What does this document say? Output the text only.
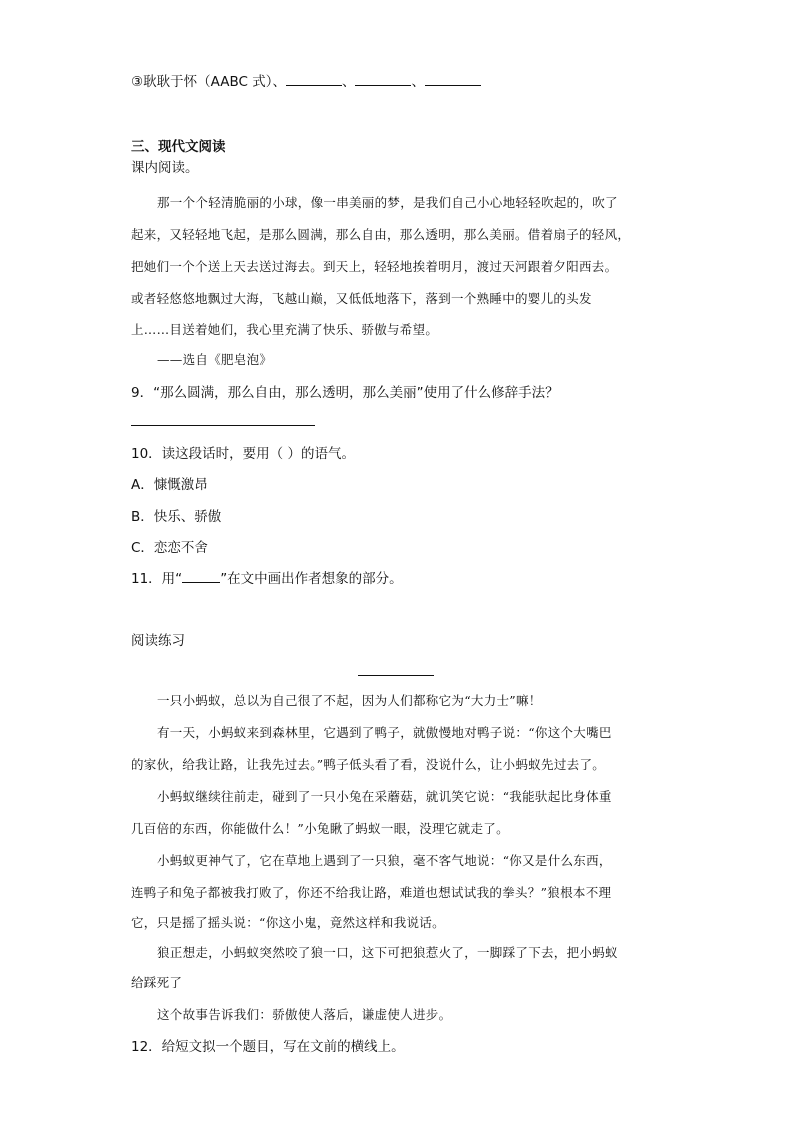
③耿耿于怀（AABC 式）、	、	、
三、现代文阅读
课内阅读。
那一个个轻清脆丽的小球，像一串美丽的梦，是我们自己小心地轻轻吹起的，吹了
起来，又轻轻地飞起，是那么圆满，那么自由，那么透明，那么美丽。借着扇子的轻风，
把她们一个个送上天去送过海去。到天上，轻轻地挨着明月，渡过天河跟着夕阳西去。
或者轻悠悠地飘过大海，飞越山巅，又低低地落下，落到一个熟睡中的婴儿的头发
上……目送着她们，我心里充满了快乐、骄傲与希望。
——选自《肥皂泡》
9．“那么圆满，那么自由，那么透明，那么美丽”使用了什么修辞手法？
10．读这段话时，要用（ ）的语气。
A．慷慨激昂
B．快乐、骄傲
C．恋恋不舍
11．用“	”在文中画出作者想象的部分。
阅读练习
一只小蚂蚁，总以为自己很了不起，因为人们都称它为“大力士”嘛！
有一天，小蚂蚁来到森林里，它遇到了鸭子，就傲慢地对鸭子说：“你这个大嘴巴
的家伙，给我让路，让我先过去。”鸭子低头看了看，没说什么，让小蚂蚁先过去了。
小蚂蚁继续往前走，碰到了一只小兔在采蘑菇，就讥笑它说：“我能驮起比身体重
几百倍的东西，你能做什么！”小兔瞅了蚂蚁一眼，没理它就走了。
小蚂蚁更神气了，它在草地上遇到了一只狼，毫不客气地说：“你又是什么东西，
连鸭子和兔子都被我打败了，你还不给我让路，难道也想试试我的拳头？”狼根本不理
它，只是摇了摇头说：“你这小鬼，竟然这样和我说话。
狼正想走，小蚂蚁突然咬了狼一口，这下可把狼惹火了，一脚踩了下去，把小蚂蚁
给踩死了
这个故事告诉我们：骄傲使人落后，谦虚使人进步。
12．给短文拟一个题目，写在文前的横线上。
